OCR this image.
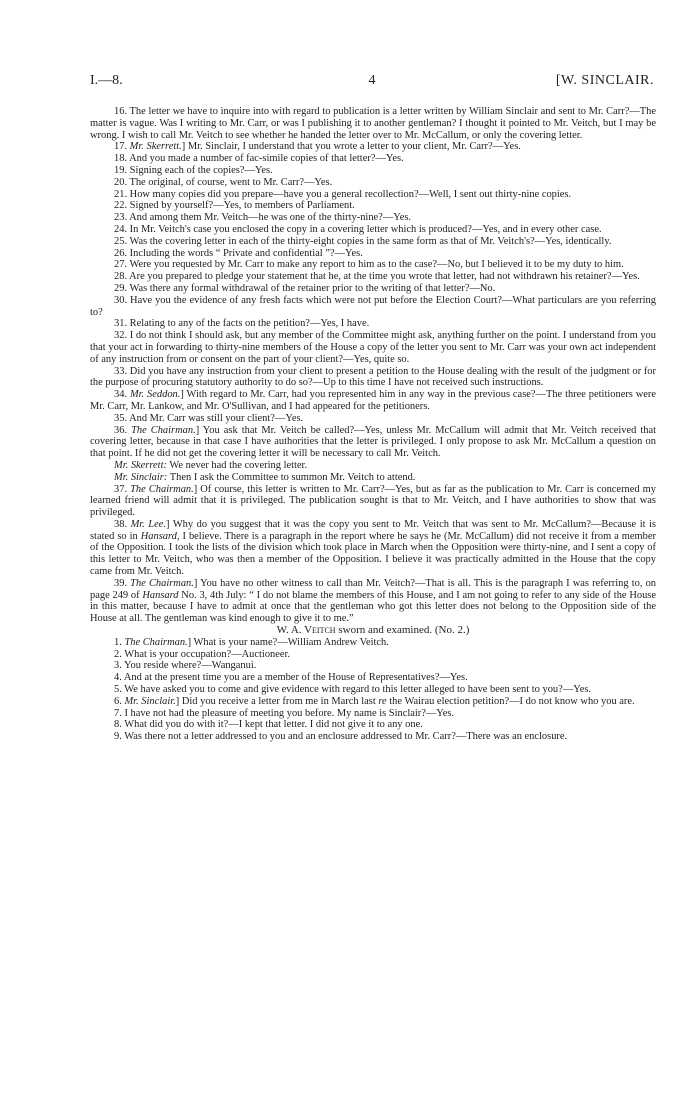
I.—8.	4	[W. SINCLAIR.

16. The letter we have to inquire into with regard to publication is a letter written by William Sinclair and sent to Mr. Carr?—The matter is vague. Was I writing to Mr. Carr, or was I publishing it to another gentleman? I thought it pointed to Mr. Veitch, but I may be wrong. I wish to call Mr. Veitch to see whether he handed the letter over to Mr. McCallum, or only the covering letter.

17. Mr. Skerrett.] Mr. Sinclair, I understand that you wrote a letter to your client, Mr. Carr?—Yes.

18. And you made a number of fac-simile copies of that letter?—Yes.

19. Signing each of the copies?—Yes.

20. The original, of course, went to Mr. Carr?—Yes.

21. How many copies did you prepare—have you a general recollection?—Well, I sent out thirty-nine copies.

22. Signed by yourself?—Yes, to members of Parliament.

23. And among them Mr. Veitch—he was one of the thirty-nine?—Yes.

24. In Mr. Veitch's case you enclosed the copy in a covering letter which is produced?—Yes, and in every other case.

25. Was the covering letter in each of the thirty-eight copies in the same form as that of Mr. Veitch's?—Yes, identically.

26. Including the words “ Private and confidential ”?—Yes.

27. Were you requested by Mr. Carr to make any report to him as to the case?—No, but I believed it to be my duty to him.

28. Are you prepared to pledge your statement that he, at the time you wrote that letter, had not withdrawn his retainer?—Yes.

29. Was there any formal withdrawal of the retainer prior to the writing of that letter?—No.

30. Have you the evidence of any fresh facts which were not put before the Election Court?—What particulars are you referring to?

31. Relating to any of the facts on the petition?—Yes, I have.

32. I do not think I should ask, but any member of the Committee might ask, anything further on the point. I understand from you that your act in forwarding to thirty-nine members of the House a copy of the letter you sent to Mr. Carr was your own act independent of any instruction from or consent on the part of your client?—Yes, quite so.

33. Did you have any instruction from your client to present a petition to the House dealing with the result of the judgment or for the purpose of procuring statutory authority to do so?—Up to this time I have not received such instructions.

34. Mr. Seddon.] With regard to Mr. Carr, had you represented him in any way in the previous case?—The three petitioners were Mr. Carr, Mr. Lankow, and Mr. O'Sullivan, and I had appeared for the petitioners.

35. And Mr. Carr was still your client?—Yes.

36. The Chairman.] You ask that Mr. Veitch be called?—Yes, unless Mr. McCallum will admit that Mr. Veitch received that covering letter, because in that case I have authorities that the letter is privileged. I only propose to ask Mr. McCallum a question on that point. If he did not get the covering letter it will be necessary to call Mr. Veitch.

Mr. Skerrett: We never had the covering letter.

Mr. Sinclair: Then I ask the Committee to summon Mr. Veitch to attend.

37. The Chairman.] Of course, this letter is written to Mr. Carr?—Yes, but as far as the publication to Mr. Carr is concerned my learned friend will admit that it is privileged. The publication sought is that to Mr. Veitch, and I have authorities to show that was privileged.

38. Mr. Lee.] Why do you suggest that it was the copy you sent to Mr. Veitch that was sent to Mr. McCallum?—Because it is stated so in Hansard, I believe. There is a paragraph in the report where he says he (Mr. McCallum) did not receive it from a member of the Opposition. I took the lists of the division which took place in March when the Opposition were thirty-nine, and I sent a copy of this letter to Mr. Veitch, who was then a member of the Opposition. I believe it was practically admitted in the House that the copy came from Mr. Veitch.

39. The Chairman.] You have no other witness to call than Mr. Veitch?—That is all. This is the paragraph I was referring to, on page 249 of Hansard No. 3, 4th July: “ I do not blame the members of this House, and I am not going to refer to any side of the House in this matter, because I have to admit at once that the gentleman who got this letter does not belong to the Opposition side of the House at all. The gentleman was kind enough to give it to me.”

W. A. Veitch sworn and examined. (No. 2.)

1. The Chairman.] What is your name?—William Andrew Veitch.

2. What is your occupation?—Auctioneer.

3. You reside where?—Wanganui.

4. And at the present time you are a member of the House of Representatives?—Yes.

5. We have asked you to come and give evidence with regard to this letter alleged to have been sent to you?—Yes.

6. Mr. Sinclair.] Did you receive a letter from me in March last re the Wairau election petition?—I do not know who you are.

7. I have not had the pleasure of meeting you before. My name is Sinclair?—Yes.

8. What did you do with it?—I kept that letter. I did not give it to any one.

9. Was there not a letter addressed to you and an enclosure addressed to Mr. Carr?—There was an enclosure.
